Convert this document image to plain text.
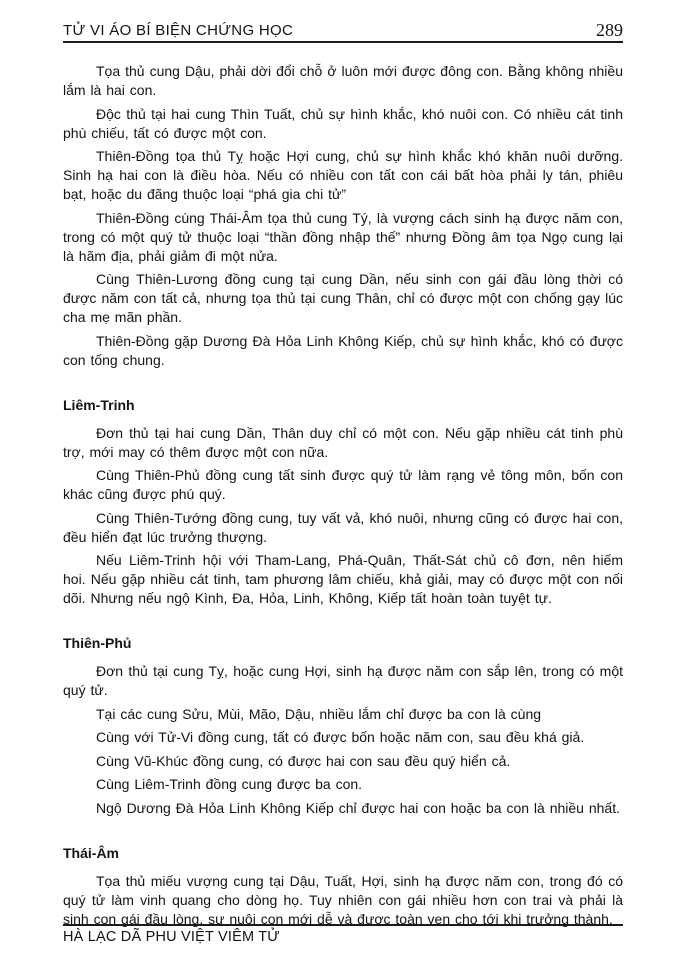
TỬ VI ÁO BÍ BIỆN CHỨNG HỌC	289

Tọa thủ cung Dậu, phải dời đổi chỗ ở luôn mới được đông con. Bằng không nhiều lắm là hai con.

Độc thủ tại hai cung Thìn Tuất, chủ sự hình khắc, khó nuôi con. Có nhiều cát tinh phù chiếu, tất có được một con.

Thiên-Đồng tọa thủ Tỵ hoặc Hợi cung, chủ sự hình khắc khó khăn nuôi dưỡng. Sinh hạ hai con là điều hòa. Nếu có nhiều con tất con cái bất hòa phải ly tán, phiêu bạt, hoặc du đãng thuộc loại “phá gia chi tử”

Thiên-Đồng cùng Thái-Âm tọa thủ cung Tý, là vượng cách sinh hạ được năm con, trong có một quý tử thuộc loại “thần đồng nhập thế” nhưng Đồng âm tọa Ngọ cung lại là hãm địa, phải giảm đi một nửa.

Cùng Thiên-Lương đồng cung tại cung Dần, nếu sinh con gái đầu lòng thời có được năm con tất cả, nhưng tọa thủ tại cung Thân, chỉ có được một con chống gạy lúc cha mẹ mãn phần.

Thiên-Đồng gặp Dương Đà Hỏa Linh Không Kiếp, chủ sự hình khắc, khó có được con tống chung.

Liêm-Trinh

Đơn thủ tại hai cung Dần, Thân duy chỉ có một con. Nếu gặp nhiều cát tinh phù trợ, mới may có thêm được một con nữa.

Cùng Thiên-Phủ đồng cung tất sinh được quý tử làm rạng vẻ tông môn, bốn con khác cũng được phú quý.

Cùng Thiên-Tướng đồng cung, tuy vất vả, khó nuôi, nhưng cũng có được hai con, đều hiển đạt lúc trưởng thượng.

Nếu Liêm-Trinh hội với Tham-Lang, Phá-Quân, Thất-Sát chủ cô đơn, nên hiếm hoi. Nếu gặp nhiều cát tinh, tam phương lâm chiếu, khả giải, may có được một con nối dõi. Nhưng nếu ngộ Kình, Đa, Hỏa, Linh, Không, Kiếp tất hoàn toàn tuyệt tự.

Thiên-Phủ

Đơn thủ tại cung Tỵ, hoặc cung Hợi, sinh hạ được năm con sắp lên, trong có một quý tử.

Tại các cung Sửu, Mùi, Mão, Dậu, nhiều lắm chỉ được ba con là cùng

Cùng với Tử-Vi đồng cung, tất có được bốn hoặc năm con, sau đều khá giả.

Cùng Vũ-Khúc đồng cung, có được hai con sau đều quý hiển cả.

Cùng Liêm-Trinh đồng cung được ba con.

Ngộ Dương Đà Hỏa Linh Không Kiếp chỉ được hai con hoặc ba con là nhiều nhất.

Thái-Âm

Tọa thủ miếu vượng cung tại Dậu, Tuất, Hợi, sinh hạ được năm con, trong đó có quý tử làm vinh quang cho dòng họ. Tuy nhiên con gái nhiều hơn con trai và phải là sinh con gái đầu lòng, sự nuôi con mới dễ và được toàn vẹn cho tới khi trưởng thành.

HÀ LẠC DÃ PHU VIỆT VIÊM TỬ
